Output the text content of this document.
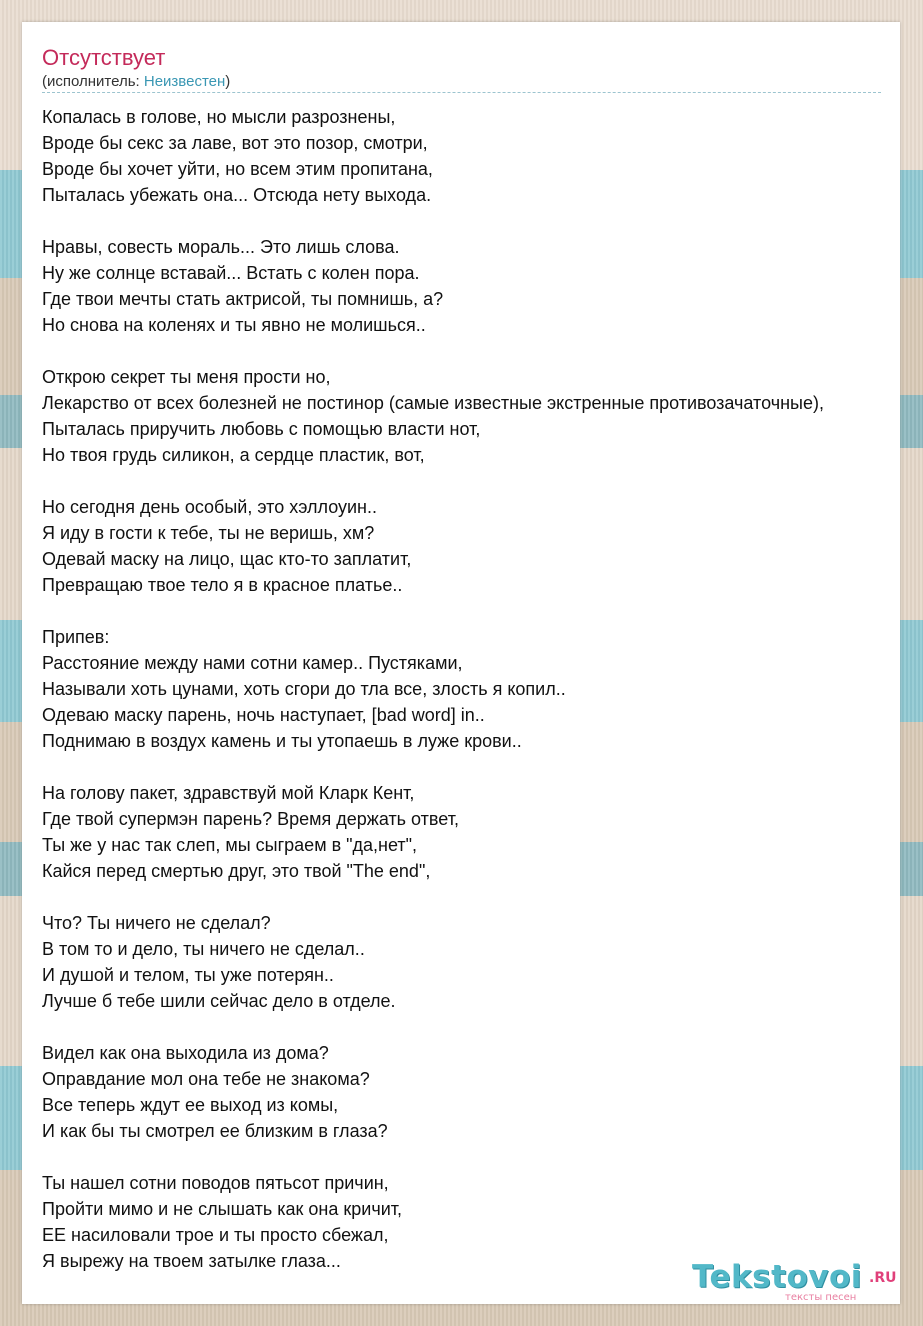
Отсутствует
(исполнитель: Неизвестен)
Копалась в голове, но мысли разрознены,
Вроде бы секс за лаве, вот это позор, смотри,
Вроде бы хочет уйти, но всем этим пропитана,
Пыталась убежать она... Отсюда нету выхода.
Нравы, совесть мораль... Это лишь слова.
Ну же солнце вставай... Встать с колен пора.
Где твои мечты стать актрисой, ты помнишь, а?
Но снова на коленях и ты явно не молишься..
Открою секрет ты меня прости но,
Лекарство от всех болезней не постинор (самые известные экстренные противозачаточные),
Пыталась приручить любовь с помощью власти нот,
Но твоя грудь силикон, а сердце пластик, вот,
Но сегодня день особый, это хэллоуин..
Я иду в гости к тебе, ты не веришь, хм?
Одевай маску на лицо, щас кто-то заплатит,
Превращаю твое тело я в красное платье..
Припев:
Расстояние между нами сотни камер.. Пустяками,
Называли хоть цунами, хоть сгори до тла все, злость я копил..
Одеваю маску парень, ночь наступает, [bad word] in..
Поднимаю в воздух камень и ты утопаешь в луже крови..
На голову пакет, здравствуй мой Кларк Кент,
Где твой супермэн парень? Время держать ответ,
Ты же у нас так слеп, мы сыграем в "да,нет",
Кайся перед смертью друг, это твой "The end",
Что? Ты ничего не сделал?
В том то и дело, ты ничего не сделал..
И душой и телом, ты уже потерян..
Лучше б тебе шили сейчас дело в отделе.
Видел как она выходила из дома?
Оправдание мол она тебе не знакома?
Все теперь ждут ее выход из комы,
И как бы ты смотрел ее близким в глаза?
Ты нашел сотни поводов пятьсот причин,
Пройти мимо и не слышать как она кричит,
ЕЕ насиловали трое и ты просто сбежал,
Я вырежу на твоем затылке глаза...	Tekstovoi .RU
тексты песен
